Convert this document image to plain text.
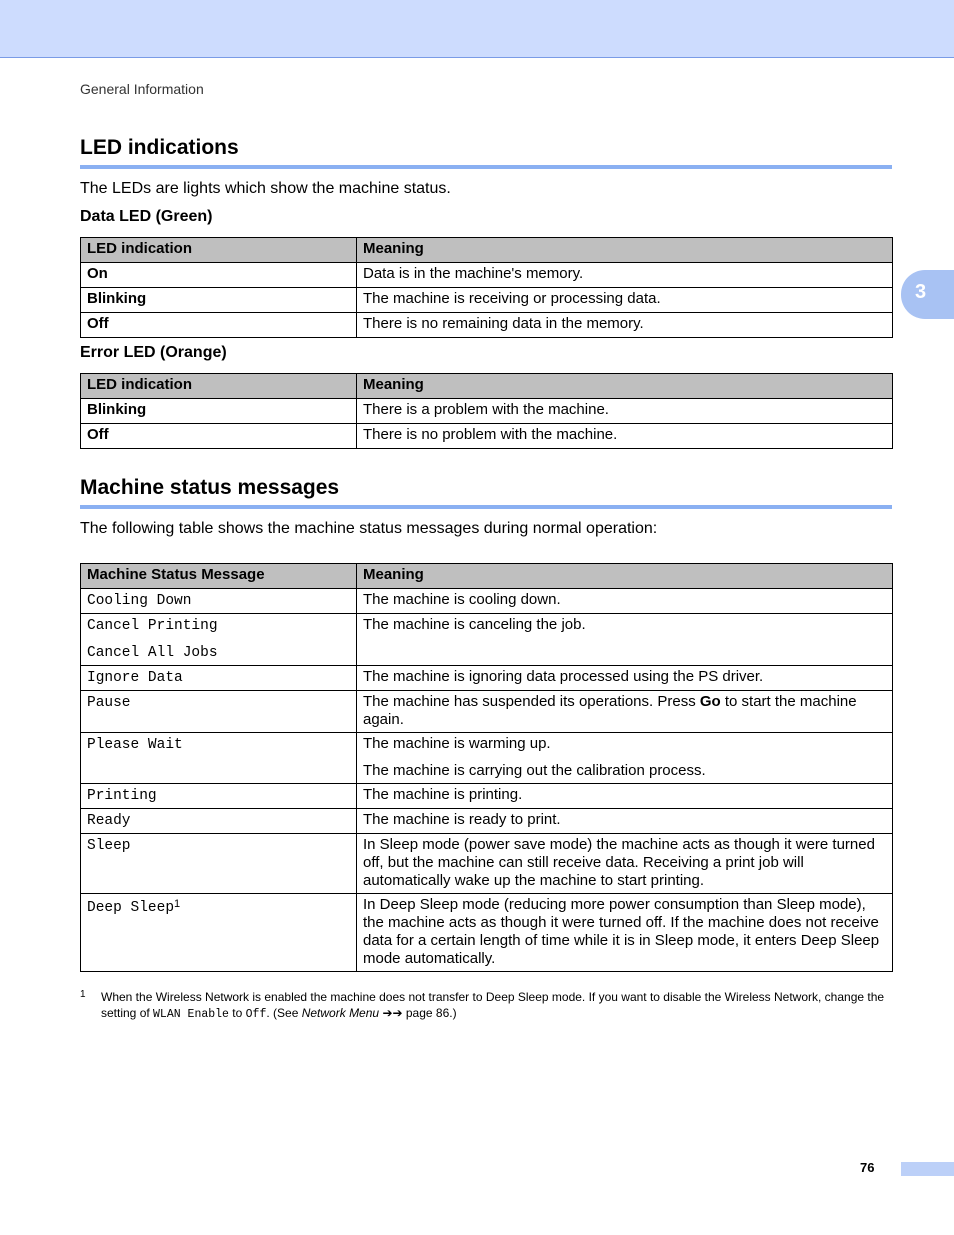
General Information
3
LED indications
The LEDs are lights which show the machine status.
Data LED (Green)
LED indication	Meaning
On	Data is in the machine's memory.
Blinking	The machine is receiving or processing data.
Off	There is no remaining data in the memory.
Error LED (Orange)
LED indication	Meaning
Blinking	There is a problem with the machine.
Off	There is no problem with the machine.
Machine status messages
The following table shows the machine status messages during normal operation:
Machine Status Message	Meaning
Cooling Down	The machine is cooling down.
Cancel Printing
Cancel All Jobs	The machine is canceling the job.
Ignore Data	The machine is ignoring data processed using the PS driver.
Pause	The machine has suspended its operations. Press Go to start the machine again.
Please Wait	The machine is warming up.
The machine is carrying out the calibration process.

Printing	The machine is printing.
Ready	The machine is ready to print.
Sleep	In Sleep mode (power save mode) the machine acts as though it were turned off, but the machine can still receive data. Receiving a print job will automatically wake up the machine to start printing.
Deep Sleep$^1$	In Deep Sleep mode (reducing more power consumption than Sleep mode), the machine acts as though it were turned off. If the machine does not receive data for a certain length of time while it is in Sleep mode, it enters Deep Sleep mode automatically.
1 When the Wireless Network is enabled the machine does not transfer to Deep Sleep mode. If you want to disable the Wireless Network, change the setting of WLAN Enable to Off. (See Network Menu ➔➔ page 86.)
76
